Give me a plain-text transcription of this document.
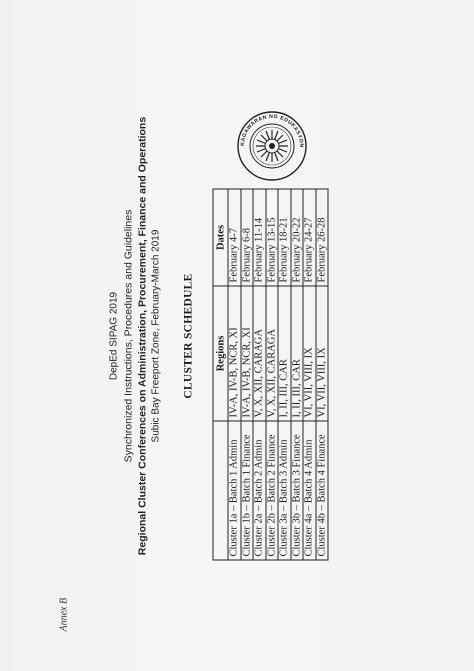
Annex B
DepEd SIPAG 2019 Synchronized Instructions, Procedures and Guidelines Regional Cluster Conferences on Administration, Procurement, Finance and Operations Subic Bay Freeport Zone, February-March 2019 CLUSTER SCHEDULE
	Regions	Dates
Cluster 1a – Batch 1 Admin	IV-A, IV-B, NCR, XI	February 4-7
Cluster 1b – Batch 1 Finance	IV-A, IV-B, NCR, XI	February 6-8
Cluster 2a – Batch 2 Admin	V, X, XII, CARAGA	February 11-14
Cluster 2b – Batch 2 Finance	V, X, XII, CARAGA	February 13-15
Cluster 3a – Batch 3 Admin	I, II, III, CAR	February 18-21
Cluster 3b – Batch 3 Finance	I, II, III, CAR	February 20-22
Cluster 4a – Batch 4 Admin	VI, VII, VIII, IX	February 24-27
Cluster 4b – Batch 4 Finance	VI, VII, VIII, IX	February 26-28
KAGAWARAN NG EDUKASYON
